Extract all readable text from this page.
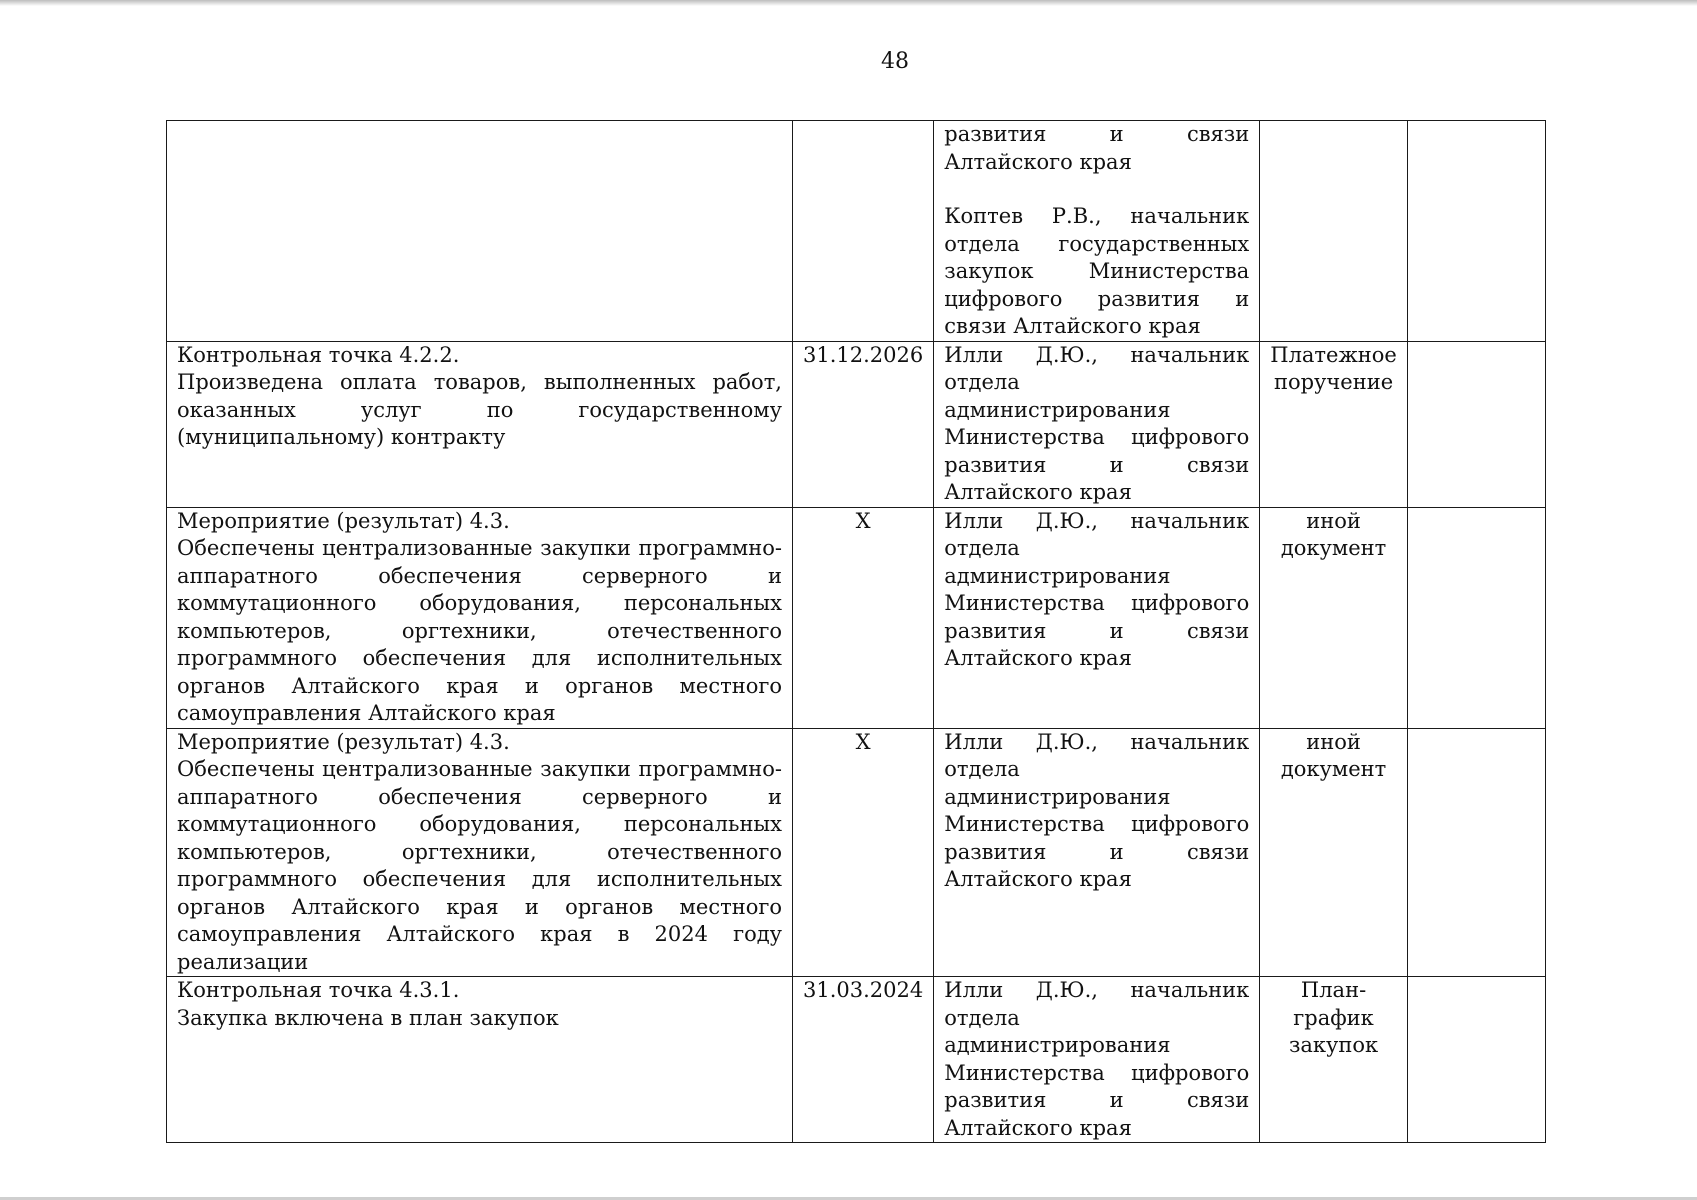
48

		развития и связи Алтайского края
Коптев Р.В., начальник отдела государственных закупок Министерства цифрового развития и связи Алтайского края		

Контрольная точка 4.2.2.
Произведена оплата товаров, выполненных работ, оказанных услуг по государственному (муниципальному) контракту	31.12.2026	Илли Д.Ю., начальник отдела администрирования Министерства цифрового развития и связи Алтайского края	Платежное поручение	

Мероприятие (результат) 4.3.
Обеспечены централизованные закупки программно-аппаратного обеспечения серверного и коммутационного оборудования, персональных компьютеров, оргтехники, отечественного программного обеспечения для исполнительных органов Алтайского края и органов местного самоуправления Алтайского края	X	Илли Д.Ю., начальник отдела администрирования Министерства цифрового развития и связи Алтайского края	иной документ	

Мероприятие (результат) 4.3.
Обеспечены централизованные закупки программно-аппаратного обеспечения серверного и коммутационного оборудования, персональных компьютеров, оргтехники, отечественного программного обеспечения для исполнительных органов Алтайского края и органов местного самоуправления Алтайского края в 2024 году реализации	X	Илли Д.Ю., начальник отдела администрирования Министерства цифрового развития и связи Алтайского края	иной документ	

Контрольная точка 4.3.1.
Закупка включена в план закупок	31.03.2024	Илли Д.Ю., начальник отдела администрирования Министерства цифрового развития и связи Алтайского края	План-график закупок	
